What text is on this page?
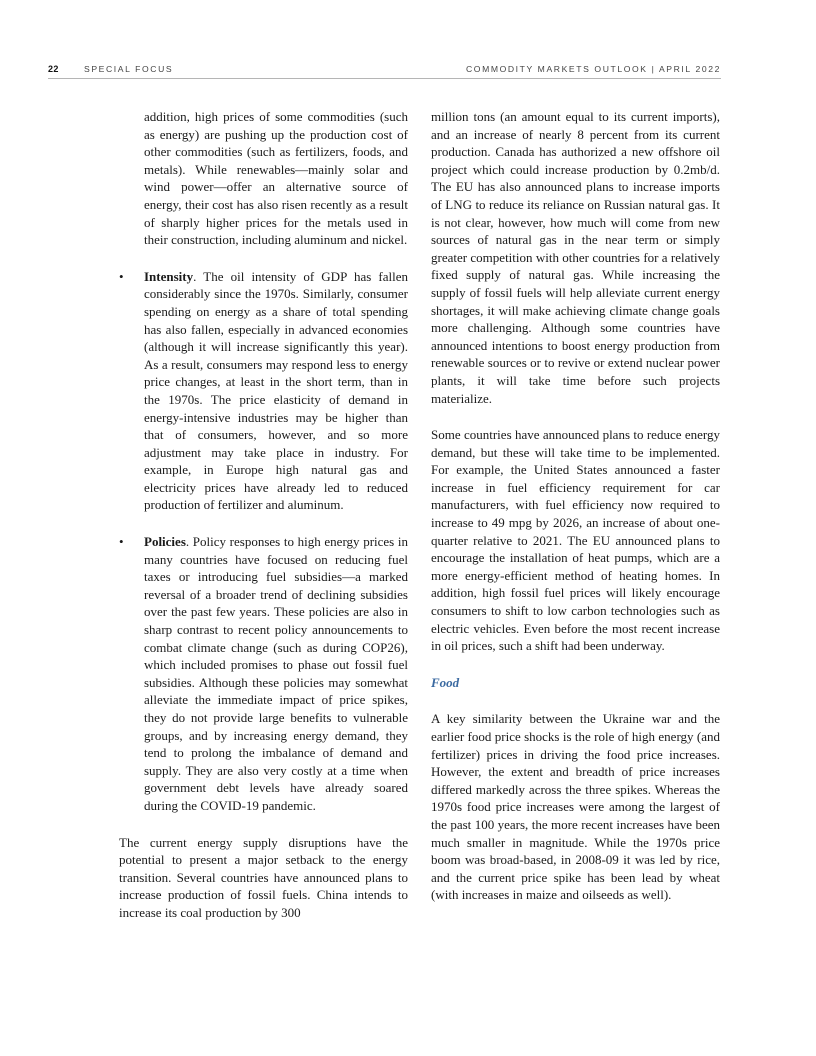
22	SPECIAL FOCUS	COMMODITY MARKETS OUTLOOK | APRIL 2022

addition, high prices of some commodities (such as energy) are pushing up the production cost of other commodities (such as fertilizers, foods, and metals). While renewables—mainly solar and wind power—offer an alternative source of energy, their cost has also risen recently as a result of sharply higher prices for the metals used in their construction, including aluminum and nickel.

• Intensity. The oil intensity of GDP has fallen considerably since the 1970s. Similarly, consumer spending on energy as a share of total spending has also fallen, especially in advanced economies (although it will increase significantly this year). As a result, consumers may respond less to energy price changes, at least in the short term, than in the 1970s. The price elasticity of demand in energy-intensive industries may be higher than that of consumers, however, and so more adjustment may take place in industry. For example, in Europe high natural gas and electricity prices have already led to reduced production of fertilizer and aluminum.
• Policies. Policy responses to high energy prices in many countries have focused on reducing fuel taxes or introducing fuel subsidies—a marked reversal of a broader trend of declining subsidies over the past few years. These policies are also in sharp contrast to recent policy announcements to combat climate change (such as during COP26), which included promises to phase out fossil fuel subsidies. Although these policies may somewhat alleviate the immediate impact of price spikes, they do not provide large benefits to vulnerable groups, and by increasing energy demand, they tend to prolong the imbalance of demand and supply. They are also very costly at a time when government debt levels have already soared during the COVID-19 pandemic.

The current energy supply disruptions have the potential to present a major setback to the energy transition. Several countries have announced plans to increase production of fossil fuels. China intends to increase its coal production by 300

million tons (an amount equal to its current imports), and an increase of nearly 8 percent from its current production. Canada has authorized a new offshore oil project which could increase production by 0.2mb/d. The EU has also announced plans to increase imports of LNG to reduce its reliance on Russian natural gas. It is not clear, however, how much will come from new sources of natural gas in the near term or simply greater competition with other countries for a relatively fixed supply of natural gas. While increasing the supply of fossil fuels will help alleviate current energy shortages, it will make achieving climate change goals more challenging. Although some countries have announced intentions to boost energy production from renewable sources or to revive or extend nuclear power plants, it will take time before such projects materialize.

Some countries have announced plans to reduce energy demand, but these will take time to be implemented. For example, the United States announced a faster increase in fuel efficiency requirement for car manufacturers, with fuel efficiency now required to increase to 49 mpg by 2026, an increase of about one-quarter relative to 2021. The EU announced plans to encourage the installation of heat pumps, which are a more energy-efficient method of heating homes. In addition, high fossil fuel prices will likely encourage consumers to shift to low carbon technologies such as electric vehicles. Even before the most recent increase in oil prices, such a shift had been underway.

Food

A key similarity between the Ukraine war and the earlier food price shocks is the role of high energy (and fertilizer) prices in driving the food price increases. However, the extent and breadth of price increases differed markedly across the three spikes. Whereas the 1970s food price increases were among the largest of the past 100 years, the more recent increases have been much smaller in magnitude. While the 1970s price boom was broad-based, in 2008-09 it was led by rice, and the current price spike has been lead by wheat (with increases in maize and oilseeds as well).
